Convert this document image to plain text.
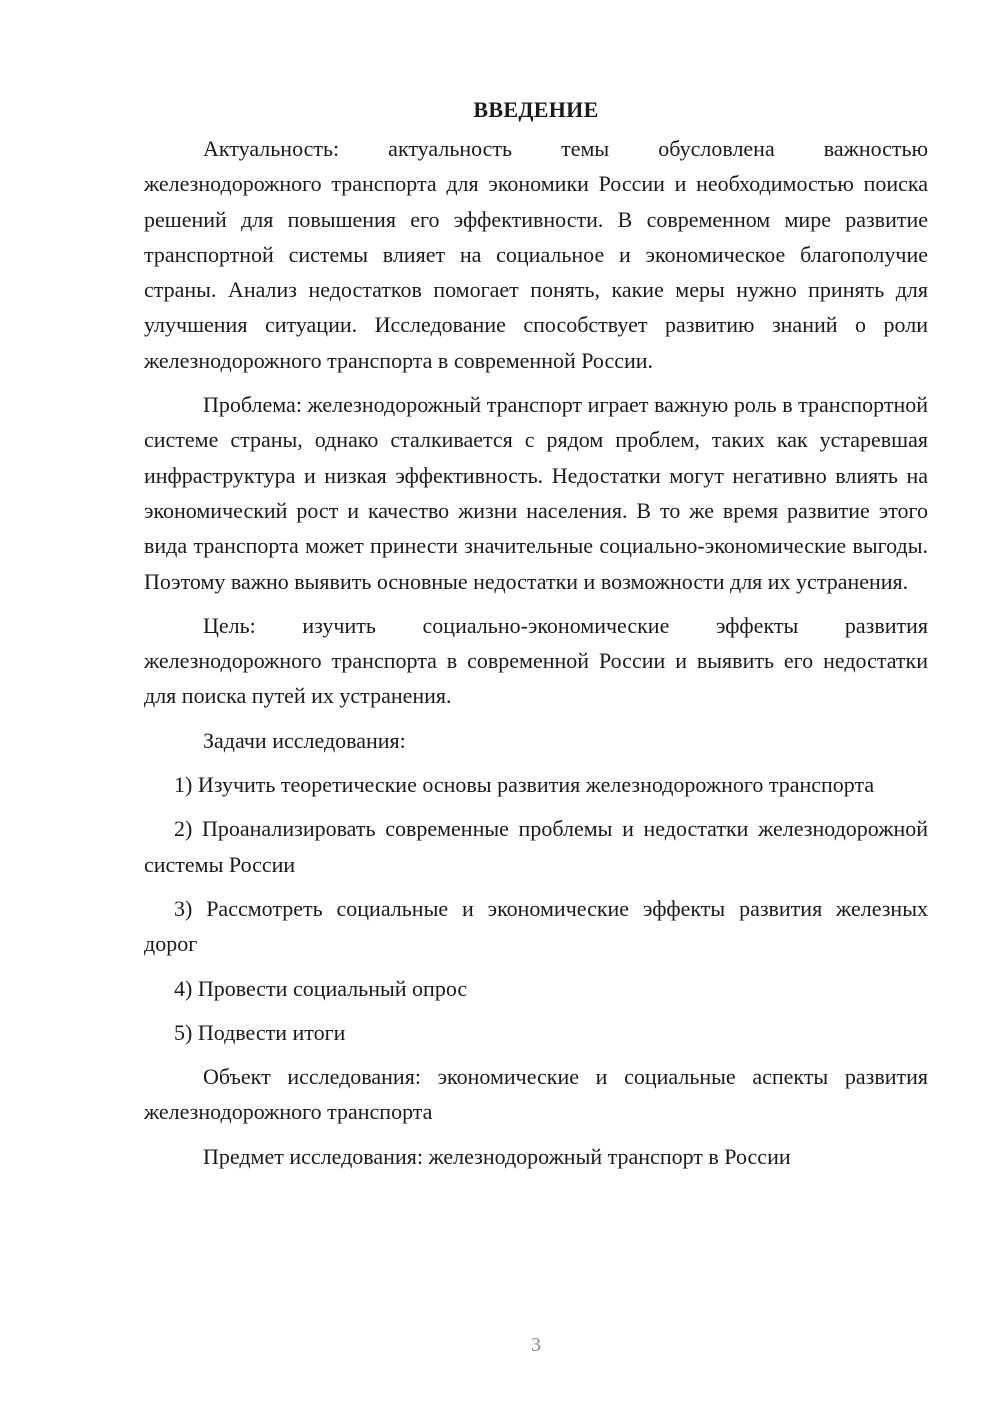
ВВЕДЕНИЕ

Актуальность: актуальность темы обусловлена важностью железнодорожного транспорта для экономики России и необходимостью поиска решений для повышения его эффективности. В современном мире развитие транспортной системы влияет на социальное и экономическое благополучие страны. Анализ недостатков помогает понять, какие меры нужно принять для улучшения ситуации. Исследование способствует развитию знаний о роли железнодорожного транспорта в современной России.

Проблема: железнодорожный транспорт играет важную роль в транспортной системе страны, однако сталкивается с рядом проблем, таких как устаревшая инфраструктура и низкая эффективность. Недостатки могут негативно влиять на экономический рост и качество жизни населения. В то же время развитие этого вида транспорта может принести значительные социально-экономические выгоды. Поэтому важно выявить основные недостатки и возможности для их устранения.

Цель: изучить социально-экономические эффекты развития железнодорожного транспорта в современной России и выявить его недостатки для поиска путей их устранения.

Задачи исследования:

1) Изучить теоретические основы развития железнодорожного транспорта

2) Проанализировать современные проблемы и недостатки железнодорожной системы России

3) Рассмотреть социальные и экономические эффекты развития железных дорог

4) Провести социальный опрос

5) Подвести итоги

Объект исследования: экономические и социальные аспекты развития железнодорожного транспорта

Предмет исследования: железнодорожный транспорт в России

3
